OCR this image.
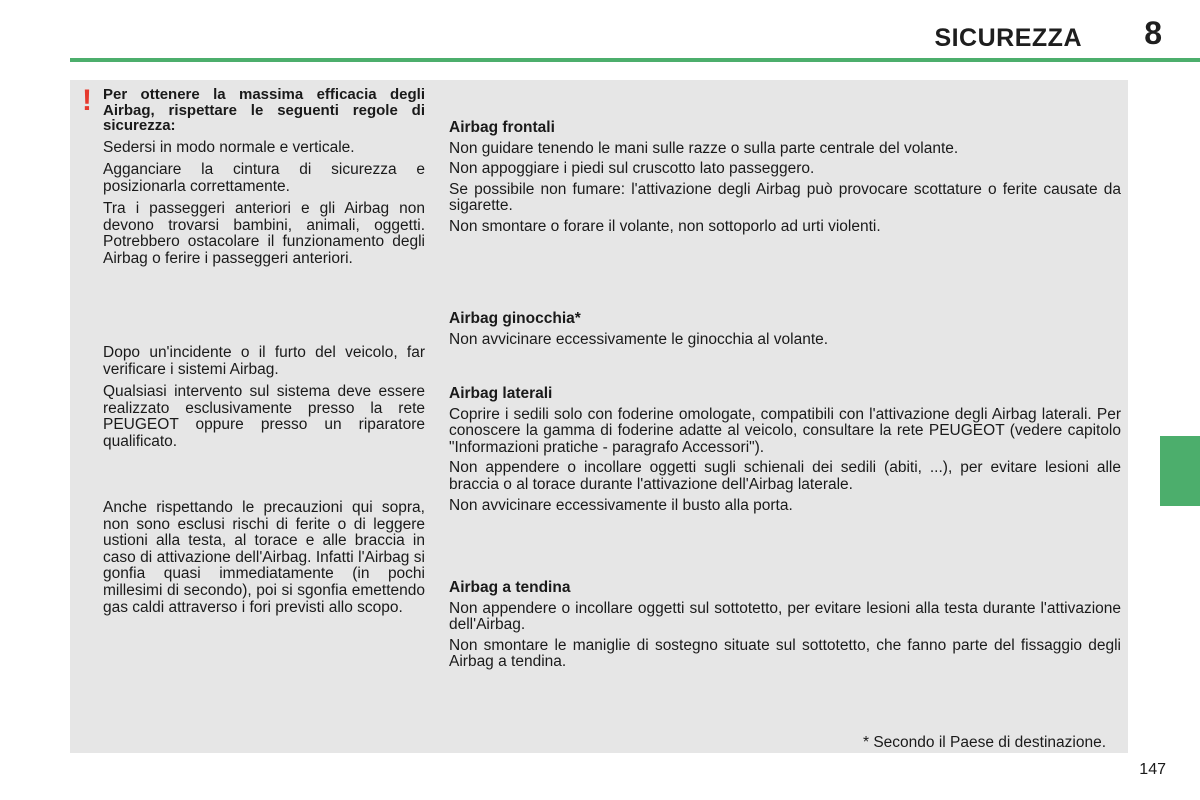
SICUREZZA 8
! Per ottenere la massima efficacia degli Airbag, rispettare le seguenti regole di sicurezza:

Sedersi in modo normale e verticale.

Agganciare la cintura di sicurezza e posizionarla correttamente.

Tra i passeggeri anteriori e gli Airbag non devono trovarsi bambini, animali, oggetti. Potrebbero ostacolare il funzionamento degli Airbag o ferire i passeggeri anteriori.

Dopo un'incidente o il furto del veicolo, far verificare i sistemi Airbag.

Qualsiasi intervento sul sistema deve essere realizzato esclusivamente presso la rete PEUGEOT oppure presso un riparatore qualificato.

Anche rispettando le precauzioni qui sopra, non sono esclusi rischi di ferite o di leggere ustioni alla testa, al torace e alle braccia in caso di attivazione dell'Airbag. Infatti l'Airbag si gonfia quasi immediatamente (in pochi millesimi di secondo), poi si sgonfia emettendo gas caldi attraverso i fori previsti allo scopo.

Airbag frontali

Non guidare tenendo le mani sulle razze o sulla parte centrale del volante.

Non appoggiare i piedi sul cruscotto lato passeggero.

Se possibile non fumare: l'attivazione degli Airbag può provocare scottature o ferite causate da sigarette.

Non smontare o forare il volante, non sottoporlo ad urti violenti.

Airbag ginocchia*

Non avvicinare eccessivamente le ginocchia al volante.

Airbag laterali

Coprire i sedili solo con foderine omologate, compatibili con l'attivazione degli Airbag laterali. Per conoscere la gamma di foderine adatte al veicolo, consultare la rete PEUGEOT (vedere capitolo "Informazioni pratiche - paragrafo Accessori").

Non appendere o incollare oggetti sugli schienali dei sedili (abiti, ...), per evitare lesioni alle braccia o al torace durante l'attivazione dell'Airbag laterale.

Non avvicinare eccessivamente il busto alla porta.

Airbag a tendina

Non appendere o incollare oggetti sul sottotetto, per evitare lesioni alla testa durante l'attivazione dell'Airbag.

Non smontare le maniglie di sostegno situate sul sottotetto, che fanno parte del fissaggio degli Airbag a tendina.

* Secondo il Paese di destinazione.
147
